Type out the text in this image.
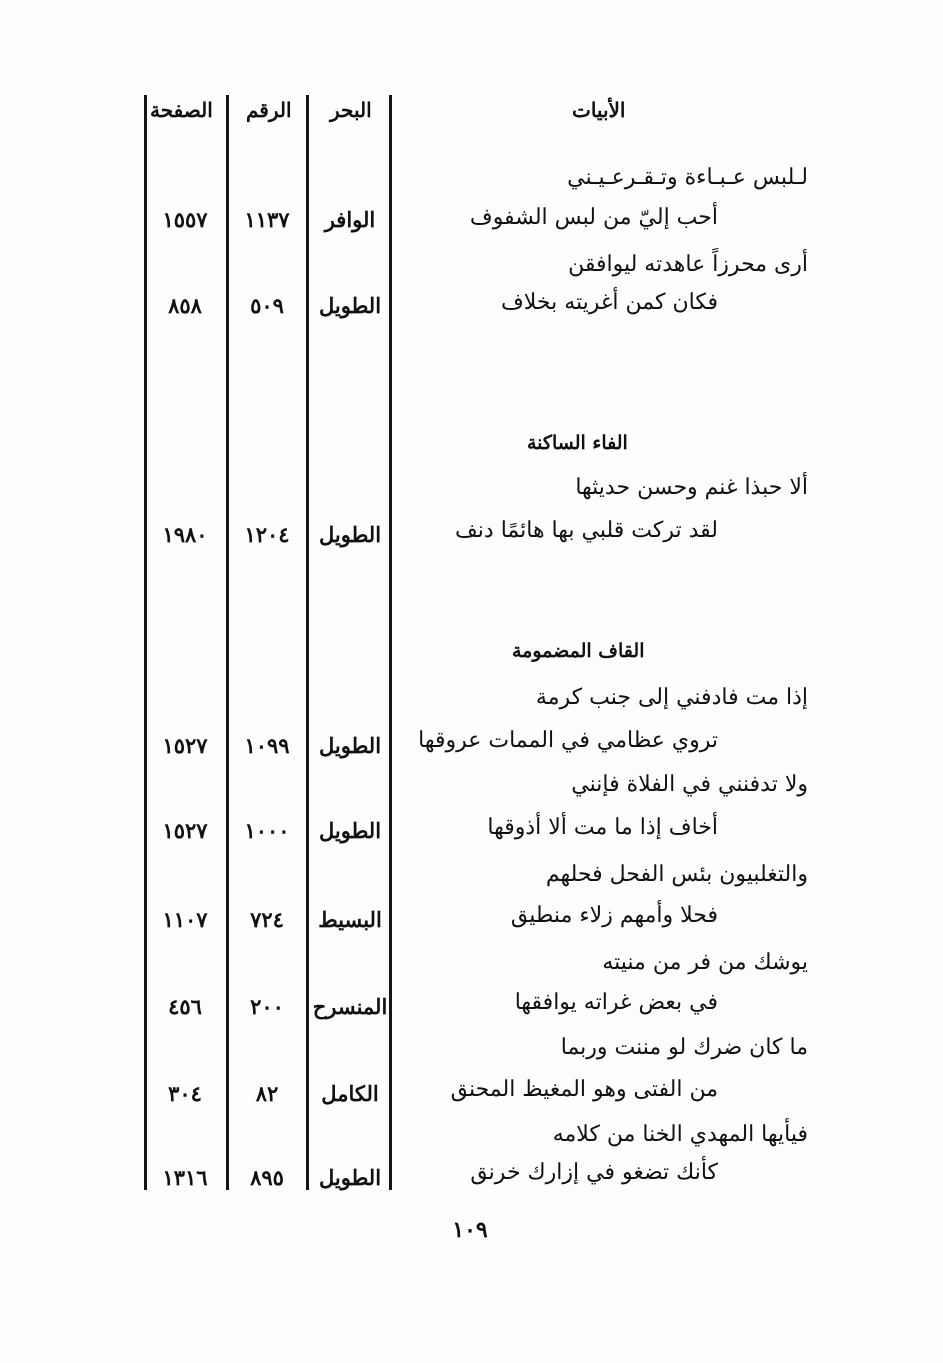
الأبيات
البحر
الرقم
الصفحة
لـلبس عـبـاءة وتـقـرعـيـني
أحب إليّ من لبس الشفوف
الوافر
١١٣٧
١٥٥٧
أرى محرزاً عاهدته ليوافقن
فكان كمن أغريته بخلاف
الطويل
٥٠٩
٨٥٨
الفاء الساكنة
ألا حبذا غنم وحسن حديثها
لقد تركت قلبي بها هائمًا دنف
الطويل
١٢٠٤
١٩٨٠
القاف المضمومة
إذا مت فادفني إلى جنب كرمة
تروي عظامي في الممات عروقها
الطويل
١٠٩٩
١٥٢٧
ولا تدفنني في الفلاة فإنني
أخاف إذا ما مت ألا أذوقها
الطويل
١٠٠٠
١٥٢٧
والتغلبيون بئس الفحل فحلهم
فحلا وأمهم زلاء منطيق
البسيط
٧٢٤
١١٠٧
يوشك من فر من منيته
في بعض غراته يوافقها
المنسرح
٢٠٠
٤٥٦
ما كان ضرك لو مننت وربما
من الفتى وهو المغيظ المحنق
الكامل
٨٢
٣٠٤
فيأيها المهدي الخنا من كلامه
كأنك تضغو في إزارك خرنق
الطويل
٨٩٥
١٣١٦
١٠٩
